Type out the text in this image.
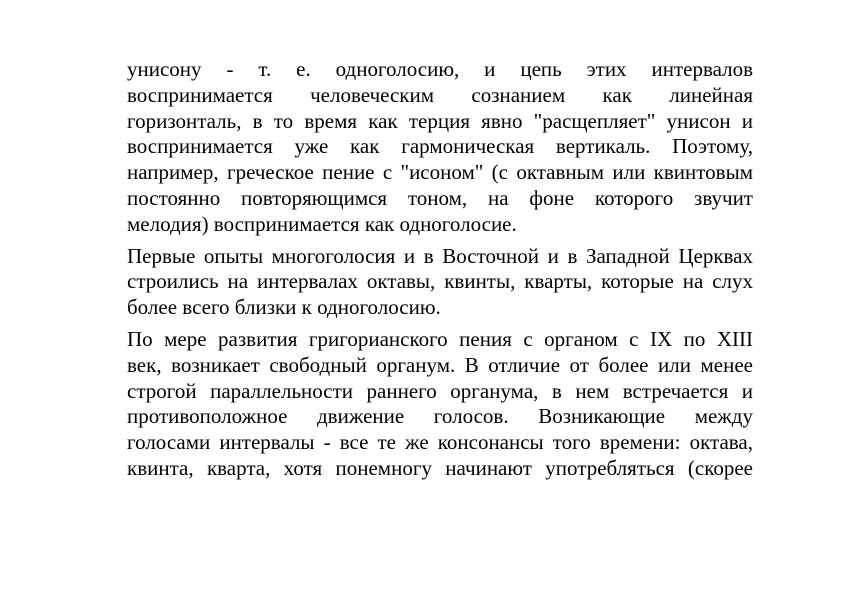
унисону - т. е. одноголосию, и цепь этих интервалов
воспринимается человеческим сознанием как линейная
горизонталь, в то время как терция явно "расщепляет" унисон и
воспринимается уже как гармоническая вертикаль. Поэтому,
например, греческое пение с "исоном" (с октавным или квинтовым
постоянно повторяющимся тоном, на фоне которого звучит
мелодия) воспринимается как одноголосие.

Первые опыты многоголосия и в Восточной и в Западной Церквах
строились на интервалах октавы, квинты, кварты, которые на слух
более всего близки к одноголосию.

По мере развития григорианского пения с органом с IX по XIII
век, возникает свободный органум. В отличие от более или менее
строгой параллельности раннего органума, в нем встречается и
противоположное движение голосов. Возникающие между
голосами интервалы - все те же консонансы того времени: октава,
квинта, кварта, хотя понемногу начинают употребляться (скорее
